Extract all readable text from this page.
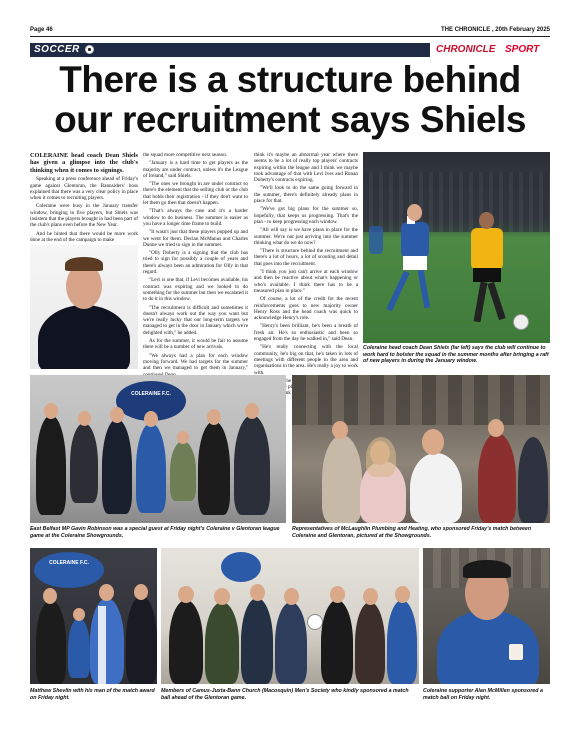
Page 46	THE CHRONICLE , 20th February 2025
SOCCER	CHRONICLE SPORT
There is a structure behind
our recruitment says Shiels

COLERAINE head coach Dean Shiels has given a glimpse into the club's thinking when it comes to signings.

Speaking at a press conference ahead of Friday's game against Glentoran, the Bannsiders' boss explained that there was a very clear policy in place when it comes to recruiting players.

Coleraine were busy in the January transfer window, bringing in five players, but Shiels was insistent that the players brought in had been part of the club's plans even before the New Year.

And he hinted that there would be more work done at the end of the campaign to make

the squad more competitive next season.

"January is a hard time to get players as the majority are under contract, unless it's the League of Ireland," said Shiels.

"The ones we brought in are under contract so there's the element that the selling club or the club that holds their registration - if they don't want to let them go then that doesn't happen.

"That's always the case and it's a harder window to do business. The summer is easier as you have a longer time frame to build.

"It wasn't just that these players popped up and we went for them. Declan McManus and Charles Dunne we tried to sign in the summer.

"Olly Doherty is a signing that the club has tried to sign for possibly a couple of years and there's always been an admiration for Olly in that regard.

"Levi is one that, if Levi becomes available, his contract was expiring and we looked to do something for the summer but then we escalated it to do it in this window.

"The recruitment is difficult and sometimes it doesn't always work out the way you want but we're really lucky that our long-term targets we managed to get in the door in January which we're delighted with," he added.

As for the summer, it would be fair to assume there will be a number of new arrivals.

"We always had a plan for each window moving forward. We had targets for the summer and then we managed to get them in January,"

think it's maybe an abnormal year where there seems to be a lot of really top players' contracts expiring within the league and I think we maybe took advantage of that with Levi Ives and Ronan Doherty's contracts expiring.

"We'll look to do the same going forward in the summer, there's definitely already plans in place for that.

"We've got big plans for the summer so, hopefully, that keeps us progressing. That's the plan - to keep progressing each window.

"All will say is we have plans in place for the summer. We're not just arriving into the summer thinking what do we do now?

"There is structure behind the recruitment and there's a lot of hours, a lot of scouting and detail that goes into the recruitment.

"I think you just can't arrive at each window and then be reactive about what's happening or who's available. I think there has to be a measured plan in place."

Of course, a lot of the credit for the recent reinforcements goes to new majority owner Henry Ross and the head coach was quick to acknowledge Henry's role.

"Henry's been brilliant, he's been a breath of fresh air. He's so enthusiastic and been so engaged from the day he walked in," said Dean.

"He's really connecting with the local community, he's big on that, he's taken in lots of meetings with different people in the area and organisations in the area. He's really a joy to work with.

he

Coleraine head coach Dean Shiels (far left) says the club will continue to work hard to bolster the squad in the summer months after bringing a raft of new players in during the January window.
COLERAINE F.C.
East Belfast MP Gavin Robinson was a special guest at Friday night's Coleraine v Glentoran league game at the Coleraine Showgrounds.
Representatives of McLaughlin Plumbing and Heating, who sponsored Friday's match between Coleraine and Glentoran, pictured at the Showgrounds.
COLERAINE F.C.
Matthew Shevlin with his man of the match award on Friday night.
Members of Camus-Juxta-Bann Church (Macosquin) Men's Society who kindly sponsored a match ball ahead of the Glentoran game.
Coleraine supporter Alan McMillen sponsored a match ball on Friday night.
